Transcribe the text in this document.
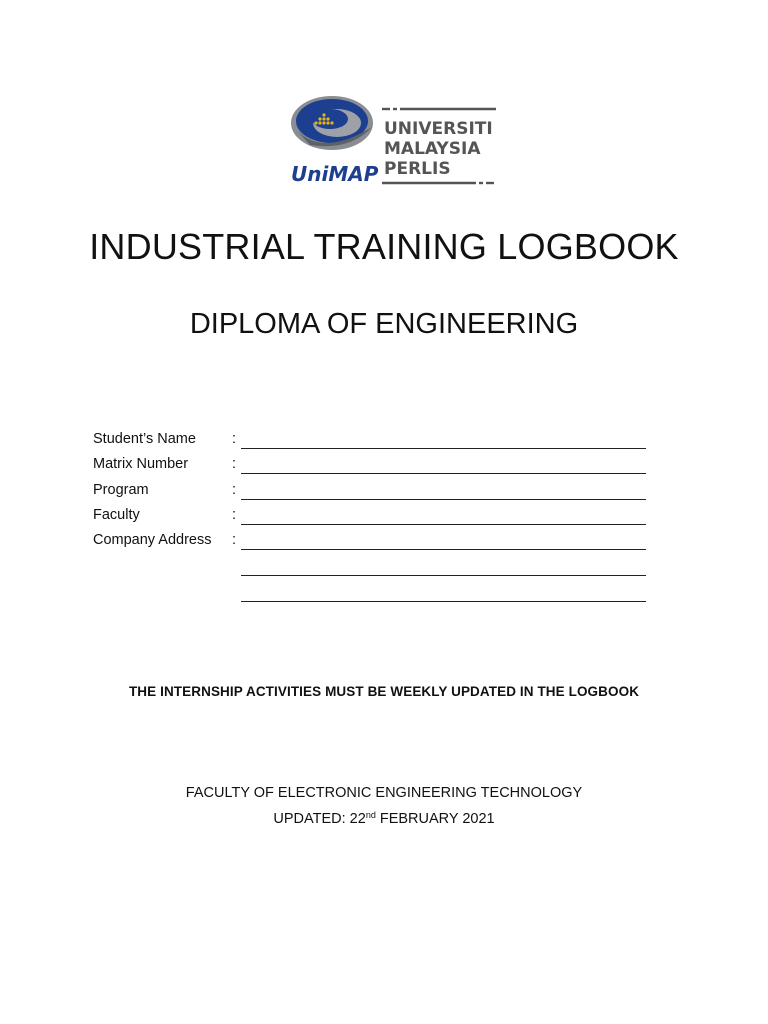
UNIVERSITI
MALAYSIA
PERLIS
UniMAP
INDUSTRIAL TRAINING LOGBOOK
DIPLOMA OF ENGINEERING
Student’s Name :
Matrix Number	:
Program	:
Faculty	:
Company Address :
THE INTERNSHIP ACTIVITIES MUST BE WEEKLY UPDATED IN THE LOGBOOK
FACULTY OF ELECTRONIC ENGINEERING TECHNOLOGY
UPDATED: 22nd FEBRUARY 2021
